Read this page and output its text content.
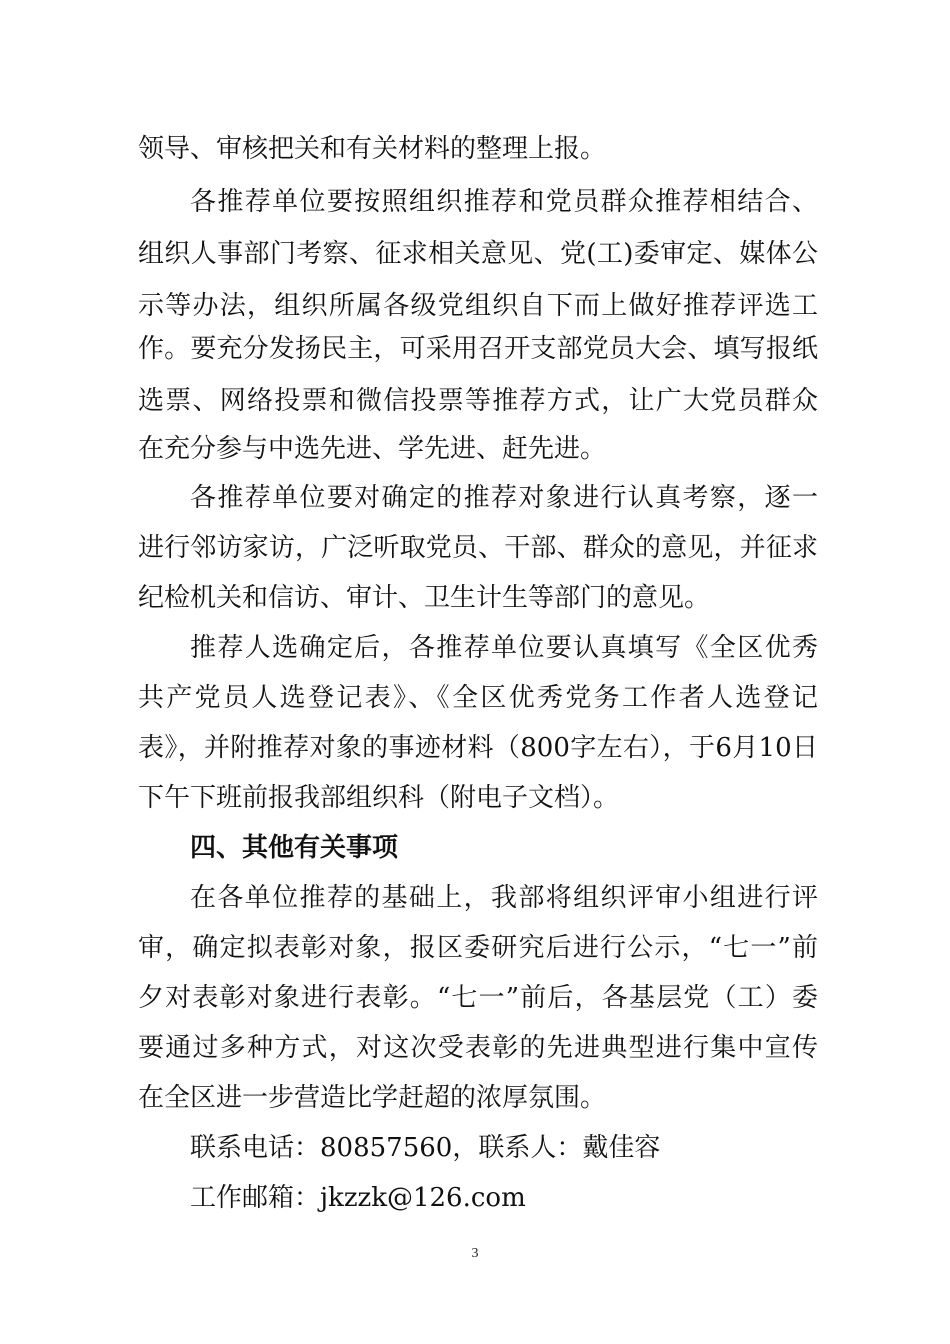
领导、审核把关和有关材料的整理上报。
各推荐单位要按照组织推荐和党员群众推荐相结合、
组织人事部门考察、征求相关意见、党(工)委审定、媒体公
示等办法，组织所属各级党组织自下而上做好推荐评选工
作。要充分发扬民主，可采用召开支部党员大会、填写报纸
选票、网络投票和微信投票等推荐方式，让广大党员群众
在充分参与中选先进、学先进、赶先进。
各推荐单位要对确定的推荐对象进行认真考察，逐一
进行邻访家访，广泛听取党员、干部、群众的意见，并征求
纪检机关和信访、审计、卫生计生等部门的意见。
推荐人选确定后，各推荐单位要认真填写《全区优秀
共产党员人选登记表》、《全区优秀党务工作者人选登记
表》，并附推荐对象的事迹材料（800字左右），于6月10日
下午下班前报我部组织科（附电子文档）。
四、其他有关事项
在各单位推荐的基础上，我部将组织评审小组进行评
审，确定拟表彰对象，报区委研究后进行公示，“七一”前
夕对表彰对象进行表彰。“七一”前后，各基层党（工）委
要通过多种方式，对这次受表彰的先进典型进行集中宣传
在全区进一步营造比学赶超的浓厚氛围。
联系电话：80857560，联系人：戴佳容
工作邮箱：jkzzk@126.com
3
